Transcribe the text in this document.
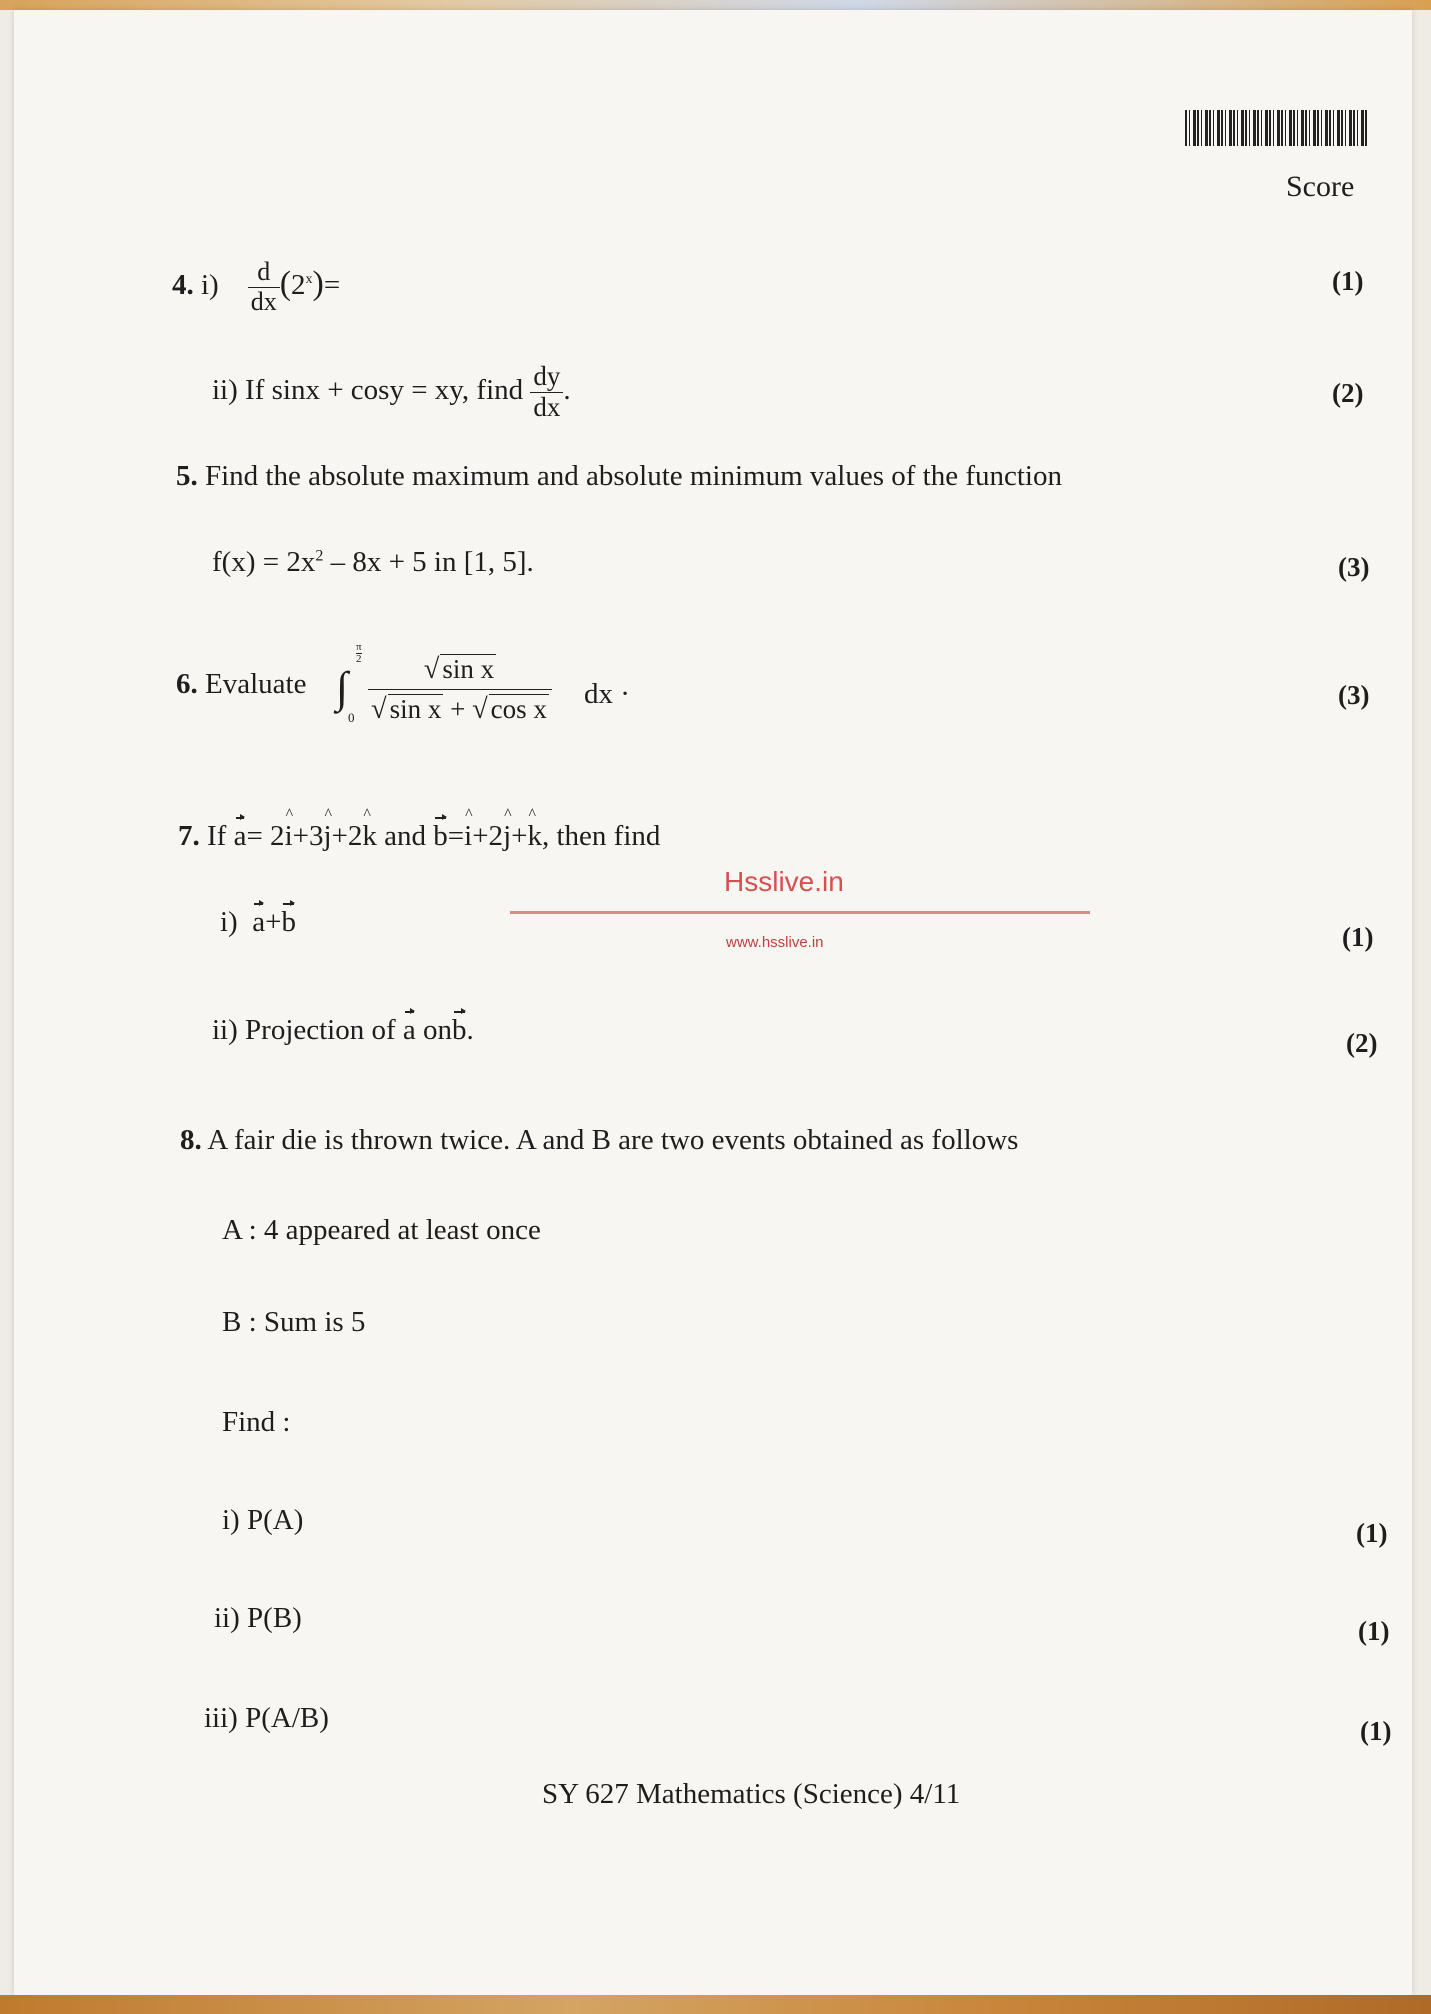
Score
4. $i) \frac{d}{dx} (2^x)=$	(1)
ii) If sinx + cosy = xy, find $\frac{dy}{dx}$ .	(2)
5. Find the absolute maximum and absolute minimum values of the function
$f(x) = 2x^2 - 8x + 5$ in [1, 5].	(3)
6. Evaluate ∫
$\frac{\pi}{2}$
$0 \frac{\text{√ sin x}}{\text{√ sin x + √ cos x}}$ dx ·	(3)
7. If a= 2^ i+3^ j+2^ k and b=^ i+2^ j+^ k, then find
Hsslive.in
www.hsslive.in
i) a+b	(1)
ii) Projection of a onb.	(2)
8. A fair die is thrown twice. A and B are two events obtained as follows
A : 4 appeared at least once
B : Sum is 5
Find :
i) P(A)	(1)
ii) P(B)	(1)
iii) P(A/B)	(1)
SY 627 Mathematics (Science) 4/11
